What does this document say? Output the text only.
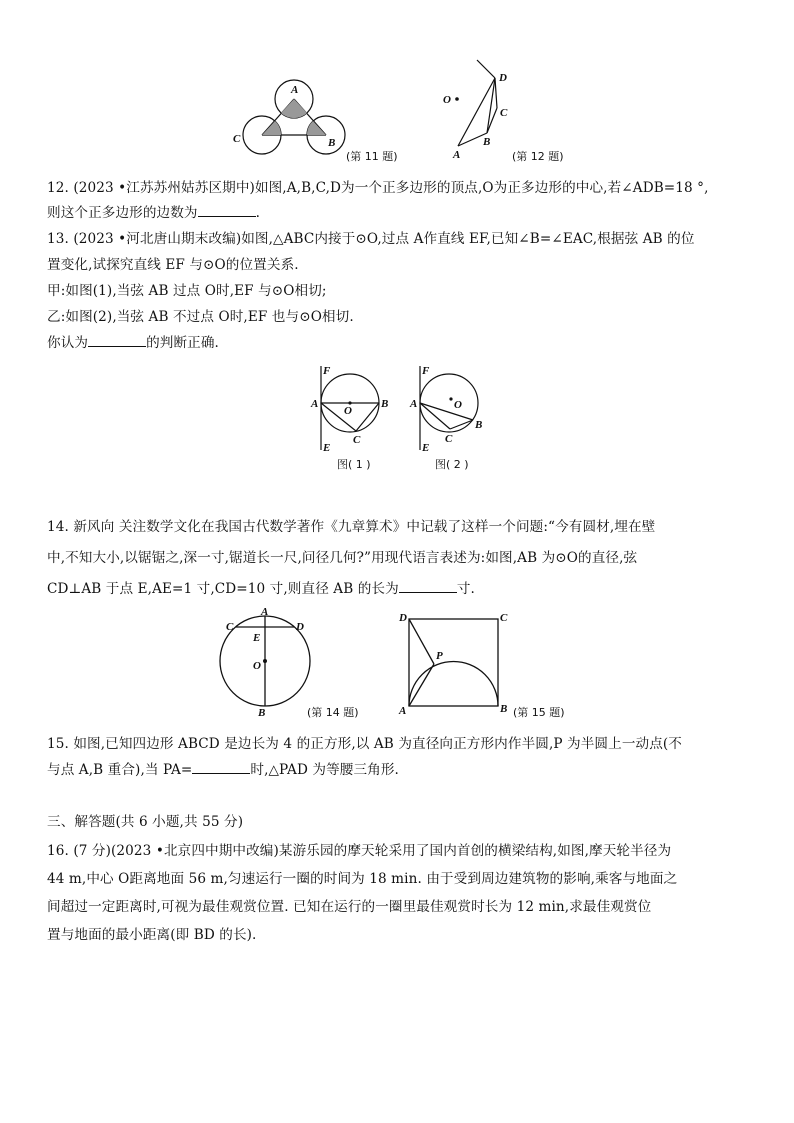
A
C	B
(第 11 题)
O
D
C
A
B
(第 12 题)
12. (2023 •江苏苏州姑苏区期中)如图,A,B,C,D为一个正多边形的顶点,O为正多边形的中心,若∠ADB=18 °,
则这个正多边形的边数为	.
13. (2023 •河北唐山期末改编)如图,△ABC内接于⊙O,过点 A作直线 EF,已知∠B=∠EAC,根据弦 AB 的位
置变化,试探究直线 EF 与⊙O的位置关系.
甲:如图(1),当弦 AB 过点 O时,EF 与⊙O相切;
乙:如图(2),当弦 AB 不过点 O时,EF 也与⊙O相切.
你认为	的判断正确.
F
A
O
B
C
E
图( 1 )
F
A	O
B
C
E
图( 2 )
14. 新风向 关注数学文化在我国古代数学著作《九章算术》中记载了这样一个问题:“今有圆材,埋在壁
中,不知大小,以锯锯之,深一寸,锯道长一尺,问径几何?”用现代语言表述为:如图,AB 为⊙O的直径,弦
CD⊥AB 于点 E,AE=1 寸,CD=10 寸,则直径 AB 的长为	寸.
A
C
E
D
O
B	(第 14 题)
D	C
P
A	B (第 15 题)
15. 如图,已知四边形 ABCD 是边长为 4 的正方形,以 AB 为直径向正方形内作半圆,P 为半圆上一动点(不
与点 A,B 重合),当 PA=	时,△PAD 为等腰三角形.
三、解答题(共 6 小题,共 55 分)
16. (7 分)(2023 •北京四中期中改编)某游乐园的摩天轮采用了国内首创的横梁结构,如图,摩天轮半径为
44 m,中心 O距离地面 56 m,匀速运行一圈的时间为 18 min. 由于受到周边建筑物的影响,乘客与地面之
间超过一定距离时,可视为最佳观赏位置. 已知在运行的一圈里最佳观赏时长为 12 min,求最佳观赏位
置与地面的最小距离(即 BD 的长).
